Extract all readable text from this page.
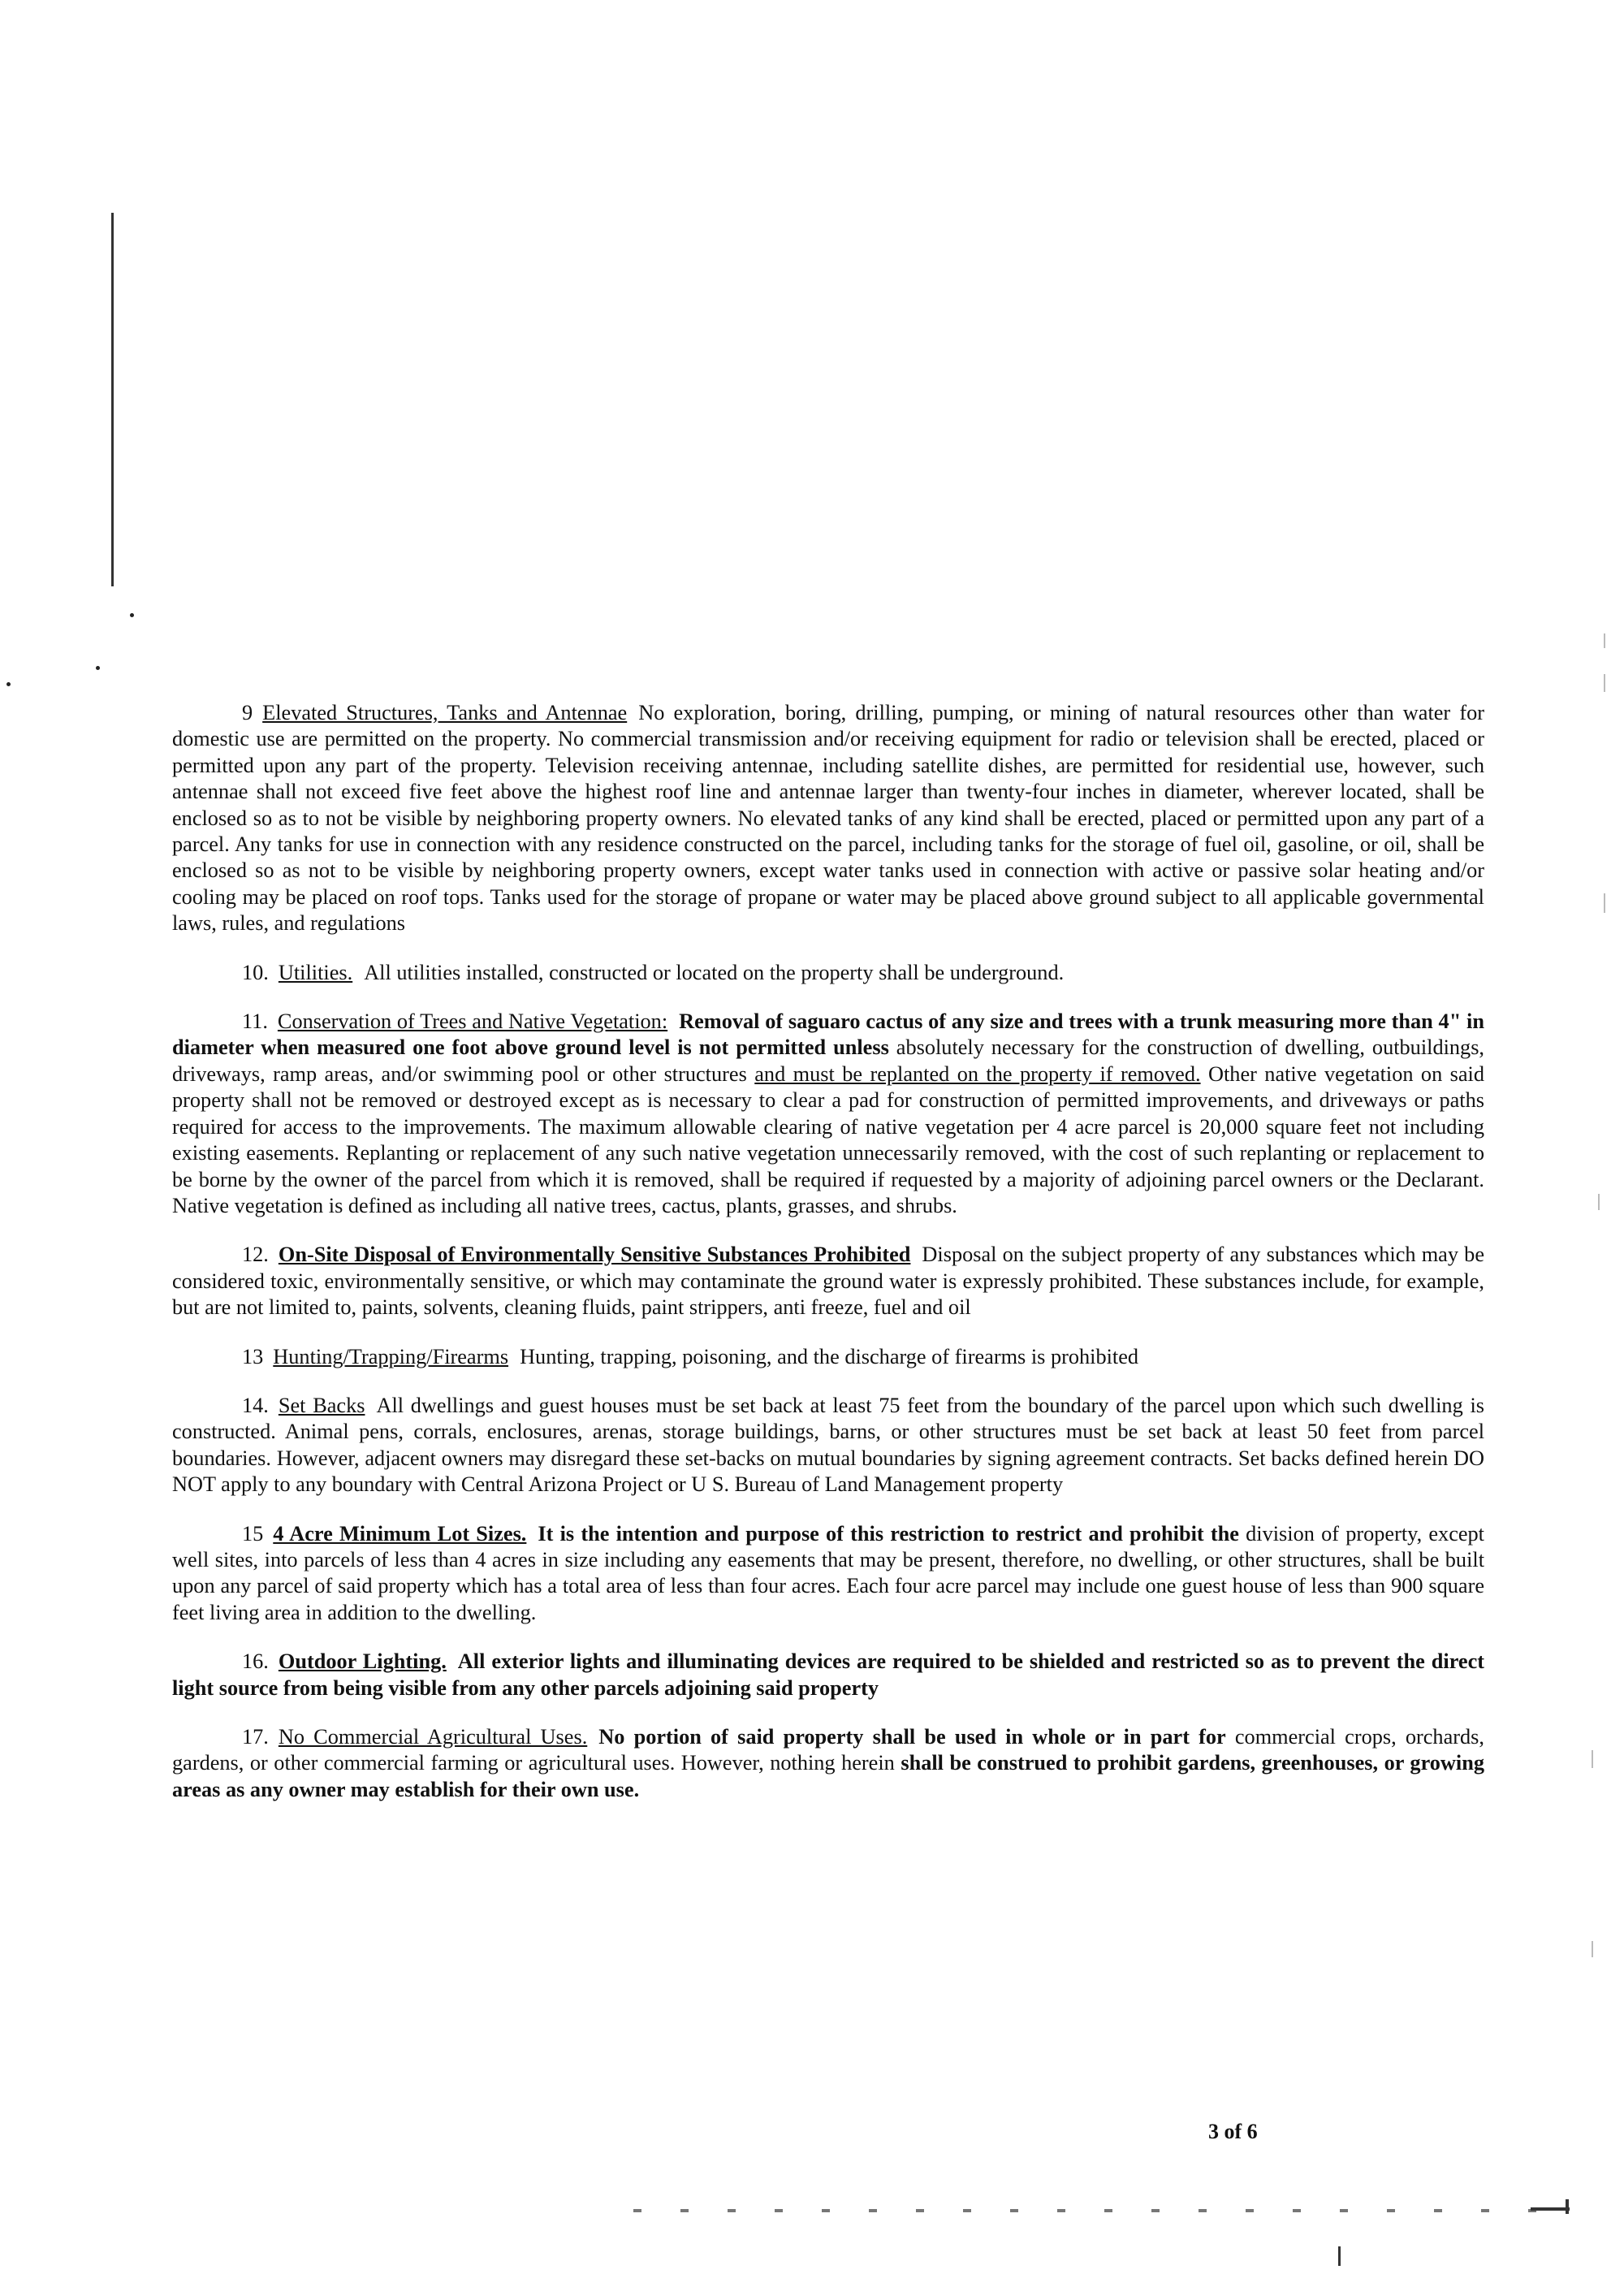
9 Elevated Structures, Tanks and Antennae No exploration, boring, drilling, pumping, or mining of natural resources other than water for domestic use are permitted on the property. No commercial transmission and/or receiving equipment for radio or television shall be erected, placed or permitted upon any part of the property. Television receiving antennae, including satellite dishes, are permitted for residential use, however, such antennae shall not exceed five feet above the highest roof line and antennae larger than twenty-four inches in diameter, wherever located, shall be enclosed so as to not be visible by neighboring property owners. No elevated tanks of any kind shall be erected, placed or permitted upon any part of a parcel. Any tanks for use in connection with any residence constructed on the parcel, including tanks for the storage of fuel oil, gasoline, or oil, shall be enclosed so as not to be visible by neighboring property owners, except water tanks used in connection with active or passive solar heating and/or cooling may be placed on roof tops. Tanks used for the storage of propane or water may be placed above ground subject to all applicable governmental laws, rules, and regulations

10. Utilities. All utilities installed, constructed or located on the property shall be underground.

11. Conservation of Trees and Native Vegetation: Removal of saguaro cactus of any size and trees with a trunk measuring more than 4" in diameter when measured one foot above ground level is not permitted unless absolutely necessary for the construction of dwelling, outbuildings, driveways, ramp areas, and/or swimming pool or other structures and must be replanted on the property if removed. Other native vegetation on said property shall not be removed or destroyed except as is necessary to clear a pad for construction of permitted improvements, and driveways or paths required for access to the improvements. The maximum allowable clearing of native vegetation per 4 acre parcel is 20,000 square feet not including existing easements. Replanting or replacement of any such native vegetation unnecessarily removed, with the cost of such replanting or replacement to be borne by the owner of the parcel from which it is removed, shall be required if requested by a majority of adjoining parcel owners or the Declarant. Native vegetation is defined as including all native trees, cactus, plants, grasses, and shrubs.

12. On-Site Disposal of Environmentally Sensitive Substances Prohibited Disposal on the subject property of any substances which may be considered toxic, environmentally sensitive, or which may contaminate the ground water is expressly prohibited. These substances include, for example, but are not limited to, paints, solvents, cleaning fluids, paint strippers, anti freeze, fuel and oil

13 Hunting/Trapping/Firearms Hunting, trapping, poisoning, and the discharge of firearms is prohibited

14. Set Backs All dwellings and guest houses must be set back at least 75 feet from the boundary of the parcel upon which such dwelling is constructed. Animal pens, corrals, enclosures, arenas, storage buildings, barns, or other structures must be set back at least 50 feet from parcel boundaries. However, adjacent owners may disregard these set-backs on mutual boundaries by signing agreement contracts. Set backs defined herein DO NOT apply to any boundary with Central Arizona Project or U S. Bureau of Land Management property

15 4 Acre Minimum Lot Sizes. It is the intention and purpose of this restriction to restrict and prohibit the division of property, except well sites, into parcels of less than 4 acres in size including any easements that may be present, therefore, no dwelling, or other structures, shall be built upon any parcel of said property which has a total area of less than four acres. Each four acre parcel may include one guest house of less than 900 square feet living area in addition to the dwelling.

16. Outdoor Lighting. All exterior lights and illuminating devices are required to be shielded and restricted so as to prevent the direct light source from being visible from any other parcels adjoining said property

17. No Commercial Agricultural Uses. No portion of said property shall be used in whole or in part for commercial crops, orchards, gardens, or other commercial farming or agricultural uses. However, nothing herein shall be construed to prohibit gardens, greenhouses, or growing areas as any owner may establish for their own use.

3 of 6
